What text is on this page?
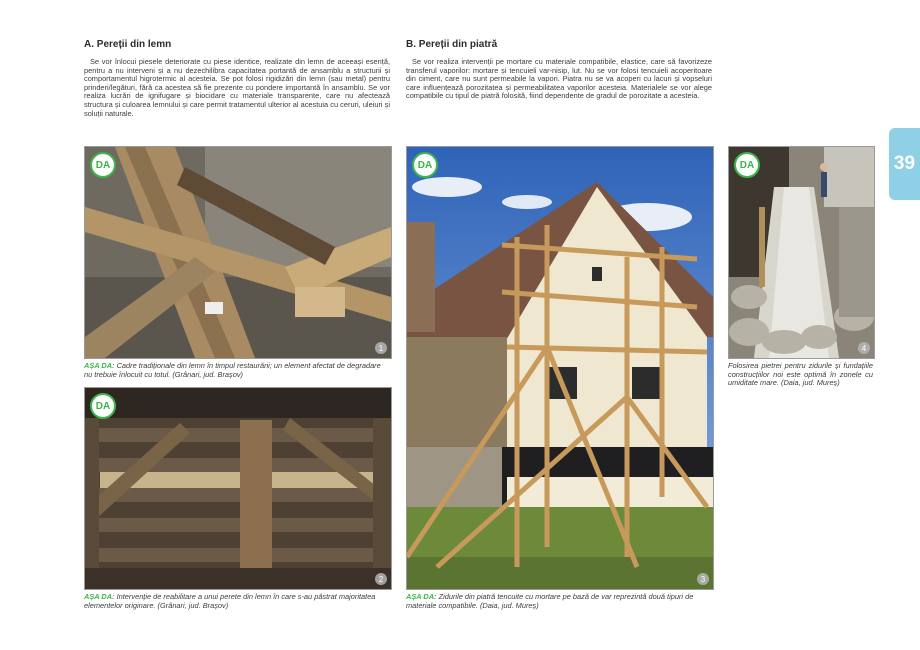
A. Pereții din lemn

Se vor înlocui piesele deteriorate cu piese identice, realizate din lemn de aceeași esență, pentru a nu interveni și a nu dezechilibra capacitatea portantă de ansamblu a structurii și comportamentul higrotermic al acesteia. Se pot folosi rigidizări din lemn (sau metal) pentru prinderi/legături, fără ca acestea să fie prezente cu pondere importantă în ansamblu. Se vor realiza lucrări de ignifugare și biocidare cu materiale transparente, care nu afectează structura și culoarea lemnului și care permit tratamentul ulterior al acestuia cu ceruri, uleiuri și soluții naturale.

B. Pereții din piatră

Se vor realiza intervenții pe mortare cu materiale compatibile, elastice, care să favorizeze transferul vaporilor: mortare și tencuieli var-nisip, lut. Nu se vor folosi tencuieli acoperitoare din ciment, care nu sunt permeabile la vapori. Piatra nu se va acoperi cu lacuri și vopseluri care influențează porozitatea și permeabilitatea vaporilor acesteia. Materialele se vor alege compatibile cu tipul de piatră folosită, fiind dependente de gradul de porozitate a acesteia.

39
DA
1

AȘA DA: Cadre tradiționale din lemn în timpul restaurării; un element afectat de degradare nu trebuie înlocuit cu totul. (Grânari, jud. Brașov)

DA
2

AȘA DA: Intervenție de reabilitare a unui perete din lemn în care s-au păstrat majoritatea elementelor originare. (Grânari, jud. Brașov)

DA
3

AȘA DA: Zidurile din piatră tencuite cu mortare pe bază de var reprezintă două tipuri de materiale compatibile. (Daia, jud. Mureș)

DA
4

Folosirea pietrei pentru zidurile și fundațiile construcțiilor noi este optimă în zonele cu umiditate mare. (Daia, jud. Mureș)
